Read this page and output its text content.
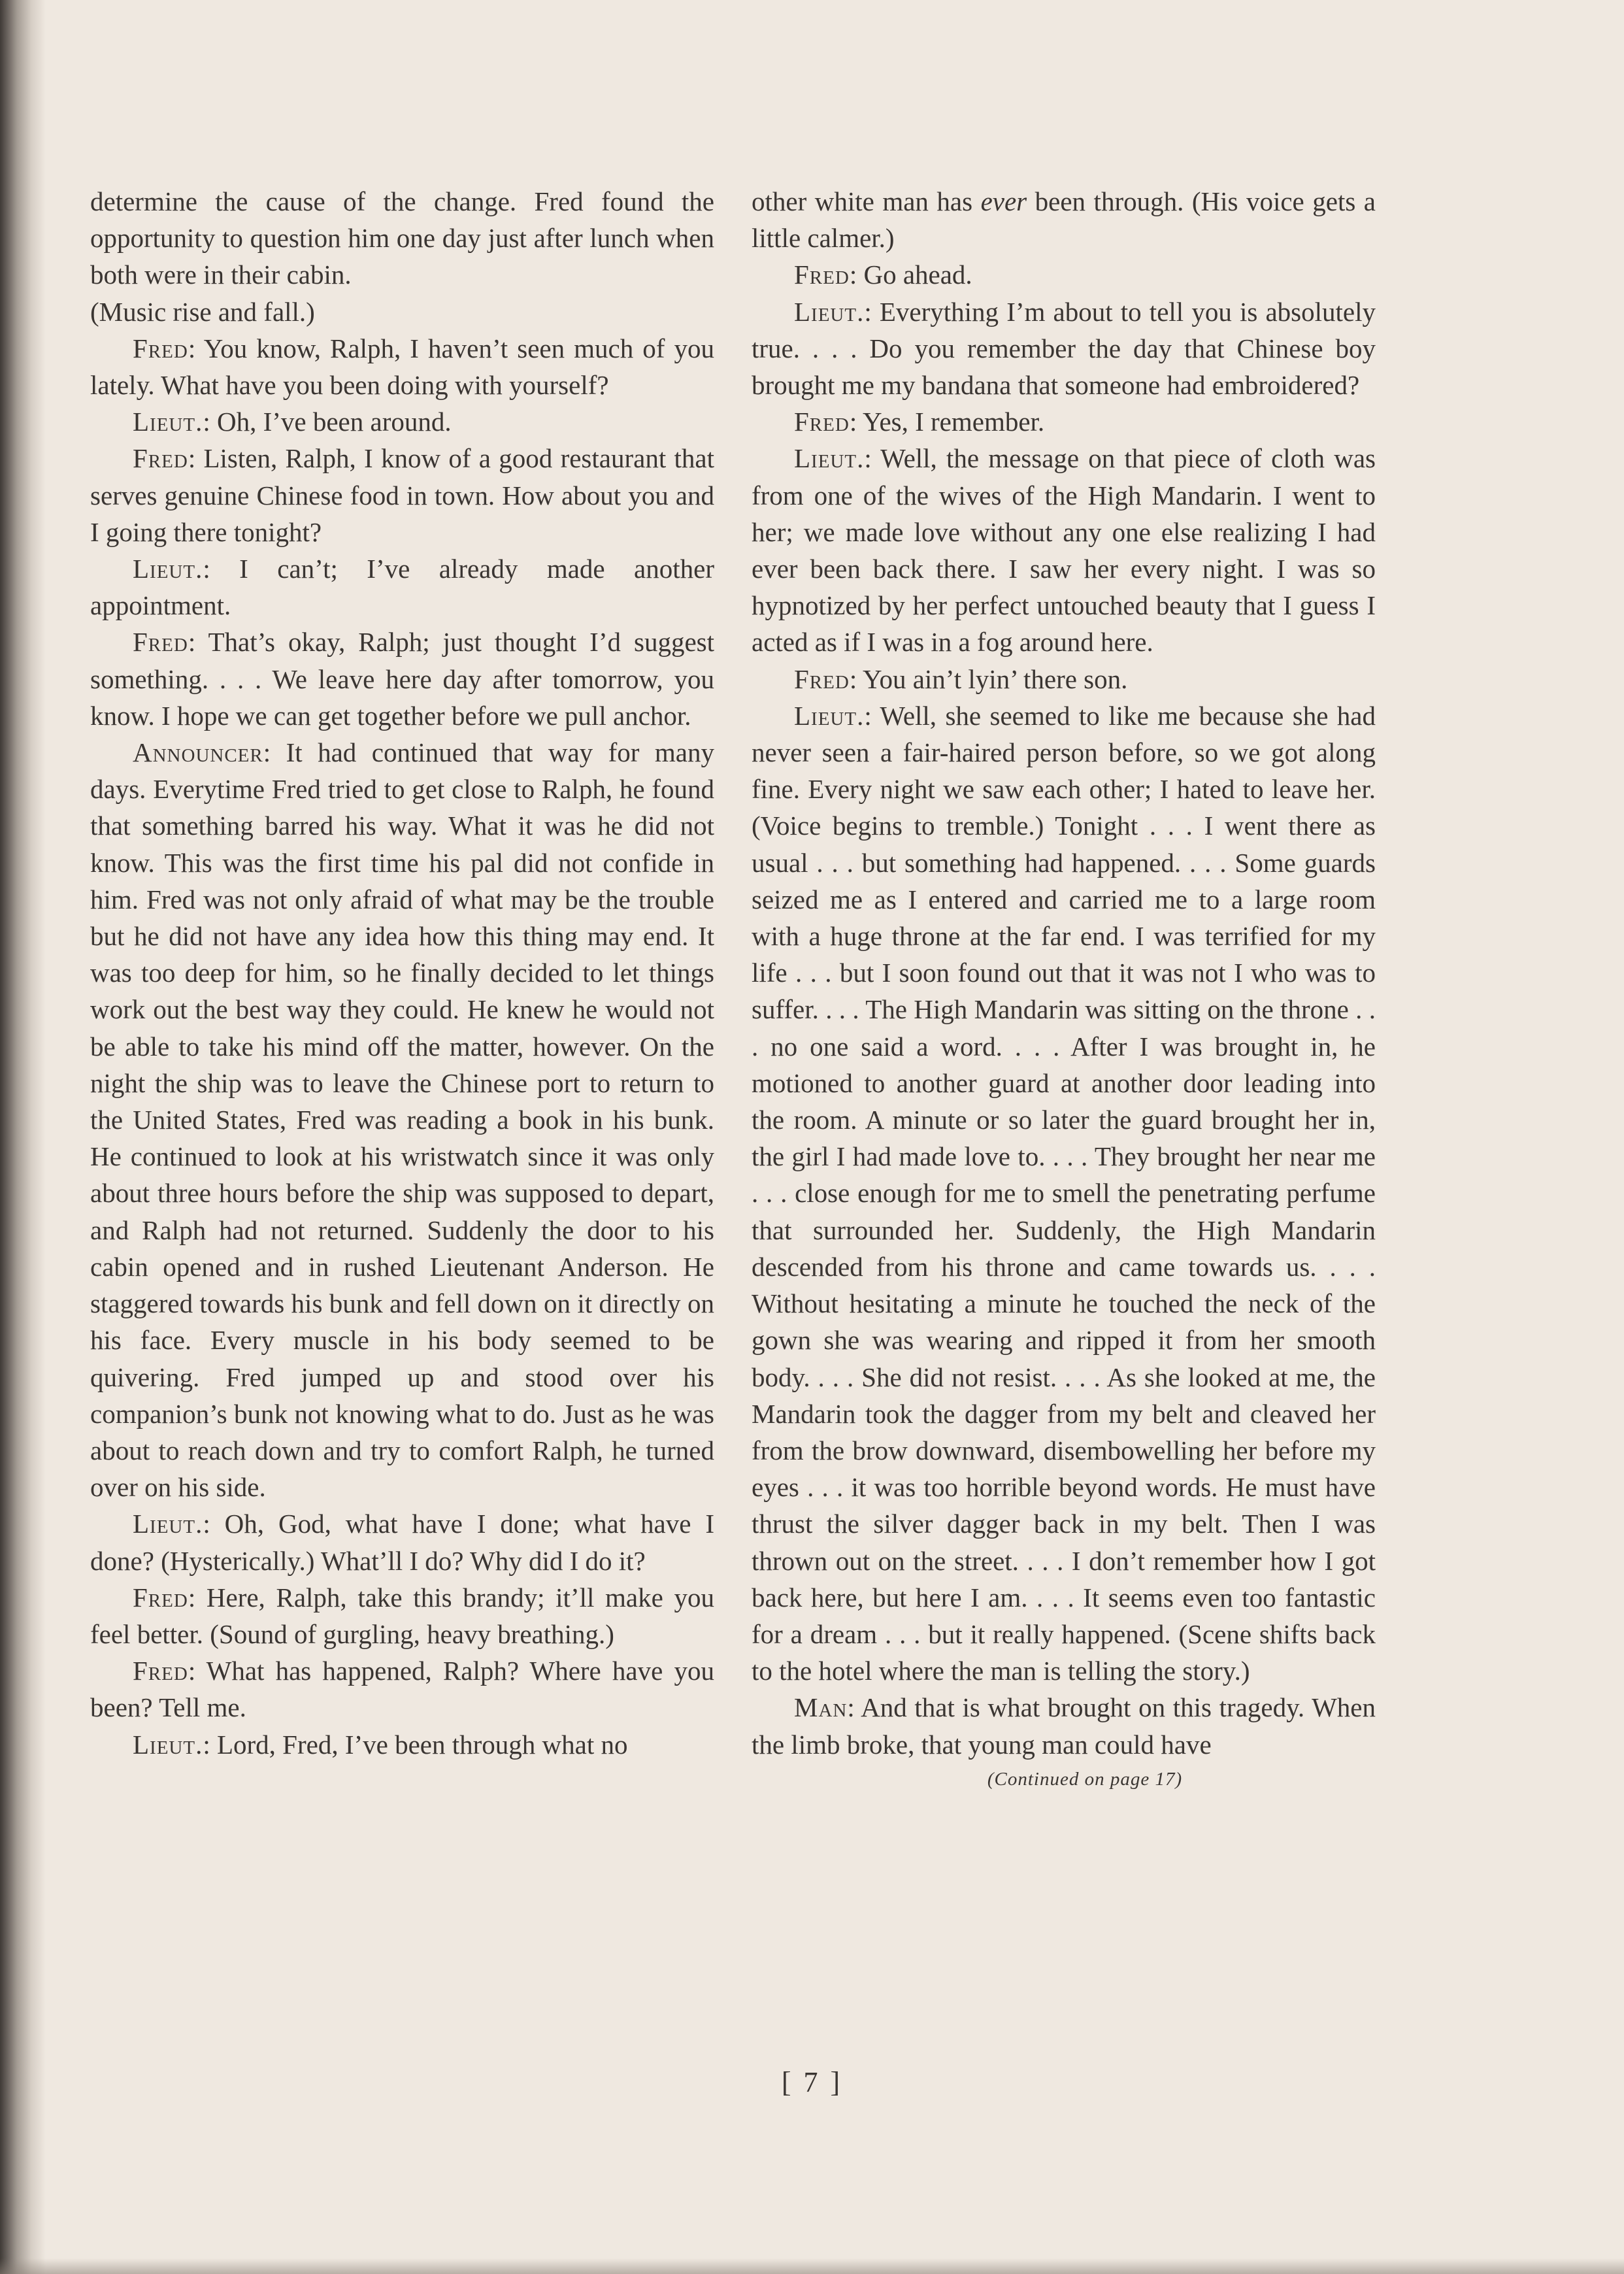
determine the cause of the change. Fred found the opportunity to question him one day just after lunch when both were in their cabin.

(Music rise and fall.)

Fred: You know, Ralph, I haven’t seen much of you lately. What have you been doing with yourself?

Lieut.: Oh, I’ve been around.

Fred: Listen, Ralph, I know of a good restaurant that serves genuine Chinese food in town. How about you and I going there tonight?

Lieut.: I can’t; I’ve already made another appointment.

Fred: That’s okay, Ralph; just thought I’d suggest something. . . . We leave here day after tomorrow, you know. I hope we can get together before we pull anchor.

Announcer: It had continued that way for many days. Everytime Fred tried to get close to Ralph, he found that something barred his way. What it was he did not know. This was the first time his pal did not confide in him. Fred was not only afraid of what may be the trouble but he did not have any idea how this thing may end. It was too deep for him, so he finally decided to let things work out the best way they could. He knew he would not be able to take his mind off the matter, however. On the night the ship was to leave the Chinese port to return to the United States, Fred was reading a book in his bunk. He continued to look at his wristwatch since it was only about three hours before the ship was supposed to depart, and Ralph had not returned. Suddenly the door to his cabin opened and in rushed Lieutenant Anderson. He staggered towards his bunk and fell down on it directly on his face. Every muscle in his body seemed to be quivering. Fred jumped up and stood over his companion’s bunk not knowing what to do. Just as he was about to reach down and try to comfort Ralph, he turned over on his side.

Lieut.: Oh, God, what have I done; what have I done? (Hysterically.) What’ll I do? Why did I do it?

Fred: Here, Ralph, take this brandy; it’ll make you feel better. (Sound of gurgling, heavy breathing.)

Fred: What has happened, Ralph? Where have you been? Tell me.

Lieut.: Lord, Fred, I’ve been through what no

other white man has ever been through. (His voice gets a little calmer.)

Fred: Go ahead.

Lieut.: Everything I’m about to tell you is absolutely true. . . . Do you remember the day that Chinese boy brought me my bandana that someone had embroidered?

Fred: Yes, I remember.

Lieut.: Well, the message on that piece of cloth was from one of the wives of the High Mandarin. I went to her; we made love without any one else realizing I had ever been back there. I saw her every night. I was so hypnotized by her perfect untouched beauty that I guess I acted as if I was in a fog around here.

Fred: You ain’t lyin’ there son.

Lieut.: Well, she seemed to like me because she had never seen a fair-haired person before, so we got along fine. Every night we saw each other; I hated to leave her. (Voice begins to tremble.) Tonight . . . I went there as usual . . . but something had happened. . . . Some guards seized me as I entered and carried me to a large room with a huge throne at the far end. I was terrified for my life . . . but I soon found out that it was not I who was to suffer. . . . The High Mandarin was sitting on the throne . . . no one said a word. . . . After I was brought in, he motioned to another guard at another door leading into the room. A minute or so later the guard brought her in, the girl I had made love to. . . . They brought her near me . . . close enough for me to smell the penetrating perfume that surrounded her. Suddenly, the High Mandarin descended from his throne and came towards us. . . . Without hesitating a minute he touched the neck of the gown she was wearing and ripped it from her smooth body. . . . She did not resist. . . . As she looked at me, the Mandarin took the dagger from my belt and cleaved her from the brow downward, disembowelling her before my eyes . . . it was too horrible beyond words. He must have thrust the silver dagger back in my belt. Then I was thrown out on the street. . . . I don’t remember how I got back here, but here I am. . . . It seems even too fantastic for a dream . . . but it really happened. (Scene shifts back to the hotel where the man is telling the story.)

Man: And that is what brought on this tragedy. When the limb broke, that young man could have

(Continued on page 17)

[ 7 ]
